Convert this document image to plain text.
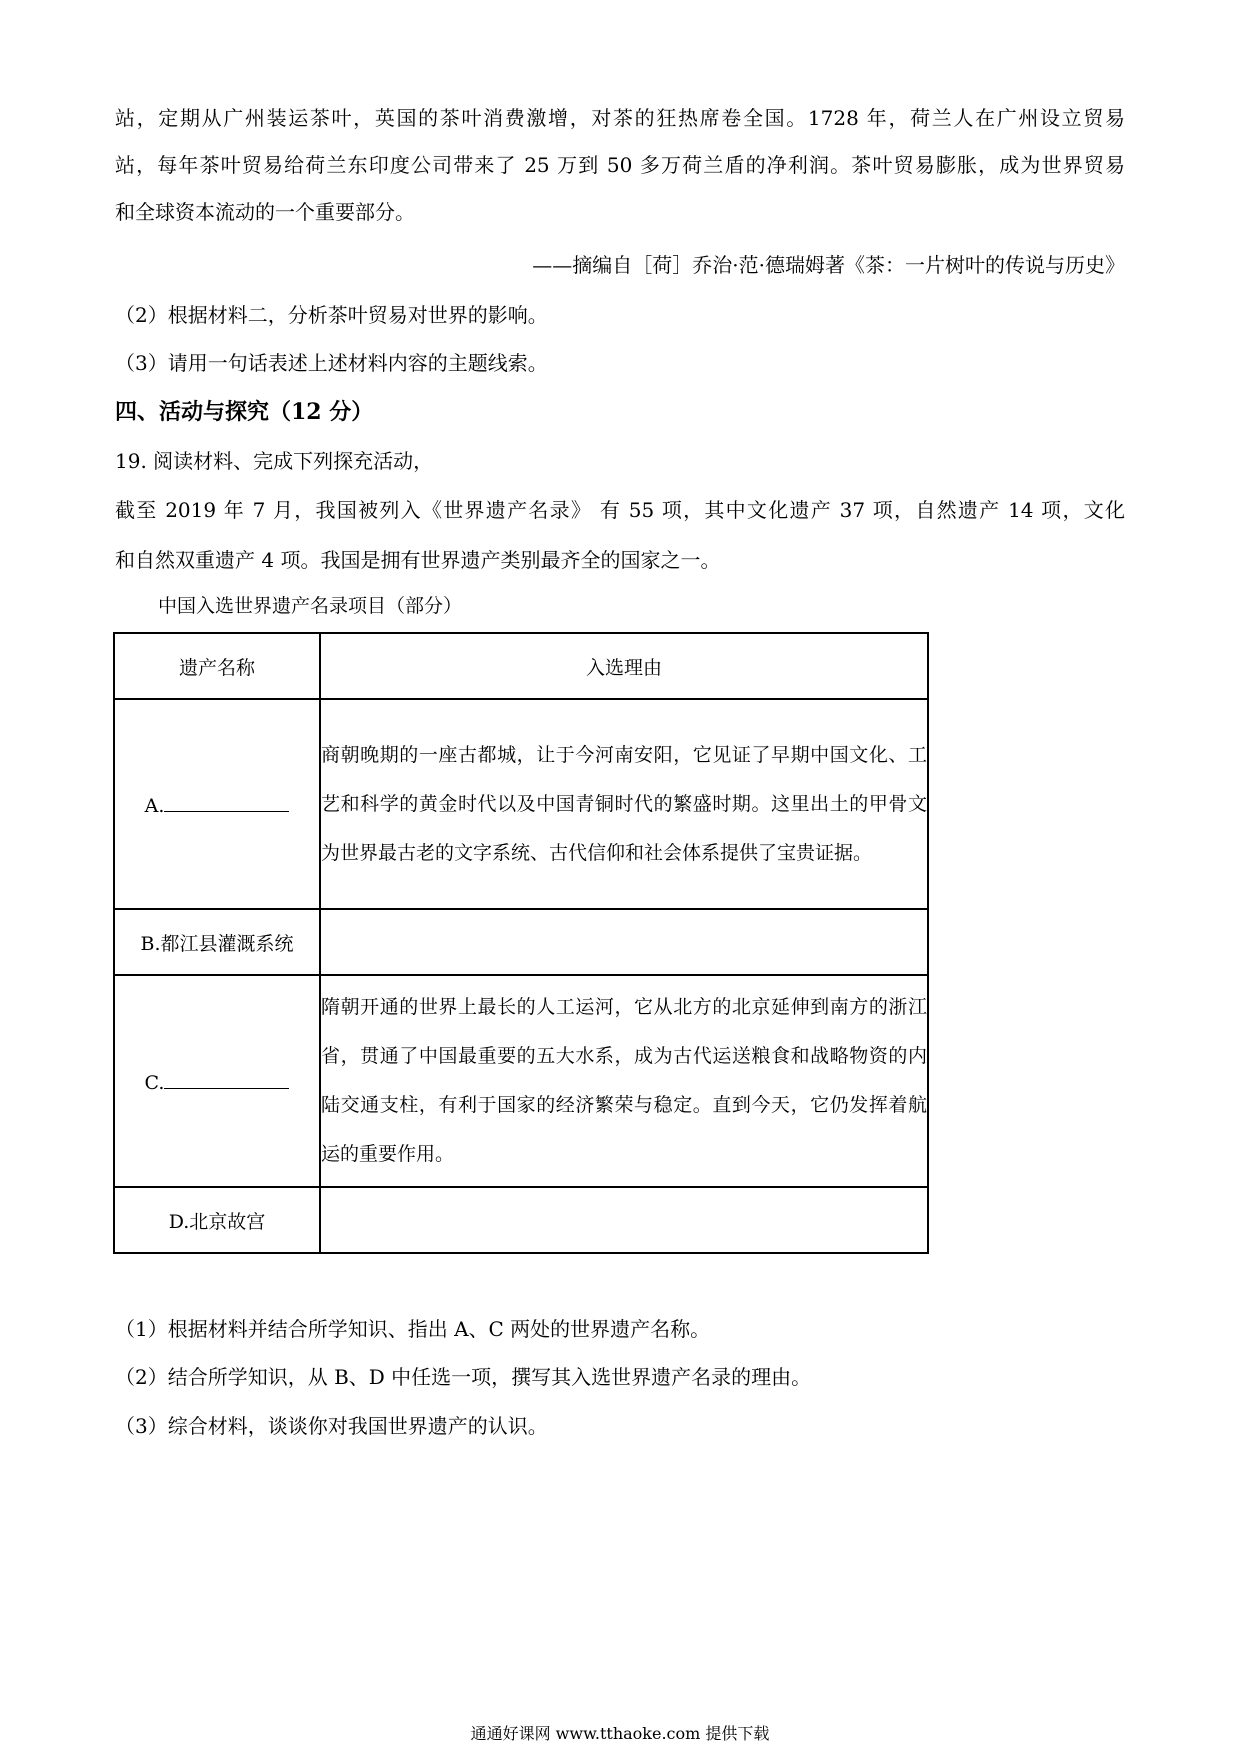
站，定期从广州装运茶叶，英国的茶叶消费激增，对茶的狂热席卷全国。1728 年，荷兰人在广州设立贸易
站，每年茶叶贸易给荷兰东印度公司带来了 25 万到 50 多万荷兰盾的净利润。茶叶贸易膨胀，成为世界贸易
和全球资本流动的一个重要部分。
——摘编自［荷］乔治·范·德瑞姆著《茶：一片树叶的传说与历史》
（2）根据材料二，分析茶叶贸易对世界的影响。
（3）请用一句话表述上述材料内容的主题线索。
四、活动与探究（12 分）
19. 阅读材料、完成下列探充活动，
截至 2019 年 7 月，我国被列入《世界遗产名录》 有 55 项，其中文化遗产 37 项，自然遗产 14 项，文化
和自然双重遗产 4 项。我国是拥有世界遗产类别最齐全的国家之一。
中国入选世界遗产名录项目（部分）
遗产名称	入选理由
A.	商朝晚期的一座古都城，让于今河南安阳，它见证了早期中国文化、工艺和科学的黄金时代以及中国青铜时代的繁盛时期。这里出土的甲骨文为世界最古老的文字系统、古代信仰和社会体系提供了宝贵证据。
B.都江县灌溉系统	
C.	隋朝开通的世界上最长的人工运河，它从北方的北京延伸到南方的浙江省，贯通了中国最重要的五大水系，成为古代运送粮食和战略物资的内陆交通支柱，有利于国家的经济繁荣与稳定。直到今天，它仍发挥着航运的重要作用。
D.北京故宫	
（1）根据材料并结合所学知识、指出 A、C 两处的世界遗产名称。
（2）结合所学知识，从 B、D 中任选一项，撰写其入选世界遗产名录的理由。
（3）综合材料，谈谈你对我国世界遗产的认识。
通通好课网 www.tthaoke.com 提供下载
